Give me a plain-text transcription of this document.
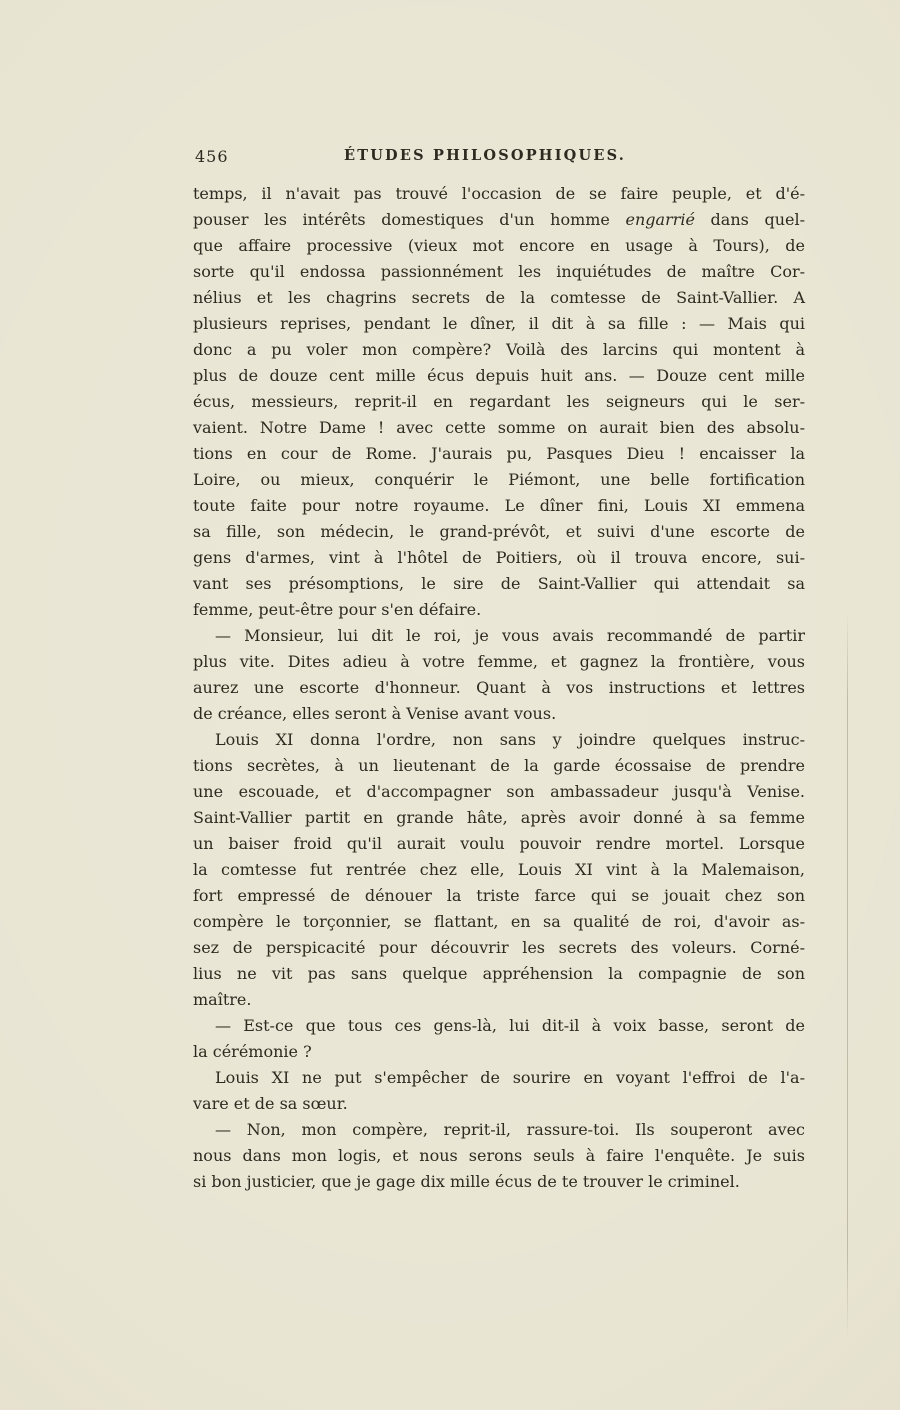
456	ÉTUDES PHILOSOPHIQUES.
temps, il n'avait pas trouvé l'occasion de se faire peuple, et d'é-
pouser les intérêts domestiques d'un homme engarrié dans quel-
que affaire processive (vieux mot encore en usage à Tours), de
sorte qu'il endossa passionnément les inquiétudes de maître Cor-
nélius et les chagrins secrets de la comtesse de Saint-Vallier. A
plusieurs reprises, pendant le dîner, il dit à sa fille : — Mais qui
donc a pu voler mon compère? Voilà des larcins qui montent à
plus de douze cent mille écus depuis huit ans. — Douze cent mille
écus, messieurs, reprit-il en regardant les seigneurs qui le ser-
vaient. Notre Dame ! avec cette somme on aurait bien des absolu-
tions en cour de Rome. J'aurais pu, Pasques Dieu ! encaisser la
Loire, ou mieux, conquérir le Piémont, une belle fortification
toute faite pour notre royaume. Le dîner fini, Louis XI emmena
sa fille, son médecin, le grand-prévôt, et suivi d'une escorte de
gens d'armes, vint à l'hôtel de Poitiers, où il trouva encore, sui-
vant ses présomptions, le sire de Saint-Vallier qui attendait sa
femme, peut-être pour s'en défaire.
— Monsieur, lui dit le roi, je vous avais recommandé de partir
plus vite. Dites adieu à votre femme, et gagnez la frontière, vous
aurez une escorte d'honneur. Quant à vos instructions et lettres
de créance, elles seront à Venise avant vous.
Louis XI donna l'ordre, non sans y joindre quelques instruc-
tions secrètes, à un lieutenant de la garde écossaise de prendre
une escouade, et d'accompagner son ambassadeur jusqu'à Venise.
Saint-Vallier partit en grande hâte, après avoir donné à sa femme
un baiser froid qu'il aurait voulu pouvoir rendre mortel. Lorsque
la comtesse fut rentrée chez elle, Louis XI vint à la Malemaison,
fort empressé de dénouer la triste farce qui se jouait chez son
compère le torçonnier, se flattant, en sa qualité de roi, d'avoir as-
sez de perspicacité pour découvrir les secrets des voleurs. Corné-
lius ne vit pas sans quelque appréhension la compagnie de son
maître.
— Est-ce que tous ces gens-là, lui dit-il à voix basse, seront de
la cérémonie ?
Louis XI ne put s'empêcher de sourire en voyant l'effroi de l'a-
vare et de sa sœur.
— Non, mon compère, reprit-il, rassure-toi. Ils souperont avec
nous dans mon logis, et nous serons seuls à faire l'enquête. Je suis
si bon justicier, que je gage dix mille écus de te trouver le criminel.
